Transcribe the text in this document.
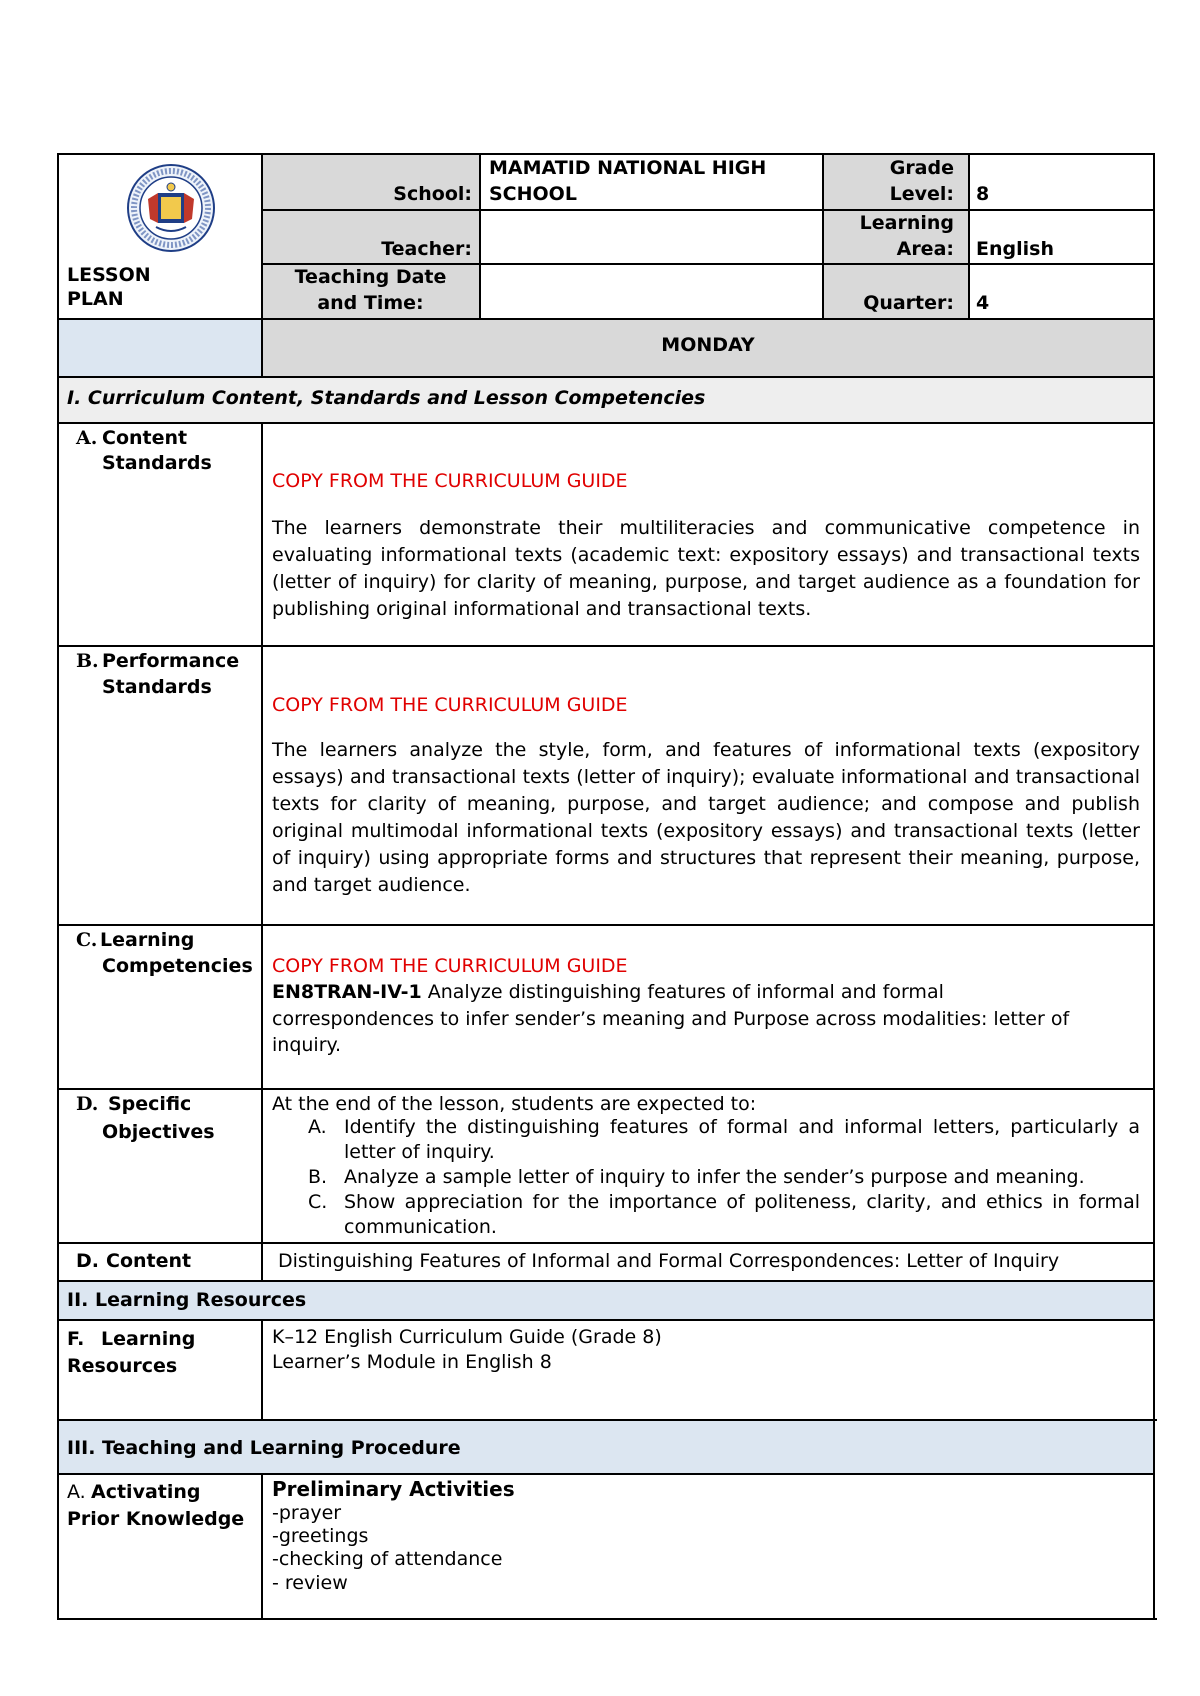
LESSON
PLAN
School:
MAMATID NATIONAL HIGH
SCHOOL
Grade
Level: 8
Teacher:
Learning
Area: English
Teaching Date
and Time:	Quarter: 4
MONDAY
I. Curriculum Content, Standards and Lesson Competencies
A. Content
Standards
COPY FROM THE CURRICULUM GUIDE

The learners demonstrate their multiliteracies and communicative competence in evaluating informational texts (academic text: expository essays) and transactional texts (letter of inquiry) for clarity of meaning, purpose, and target audience as a foundation for publishing original informational and transactional texts.

B. Performance
Standards
COPY FROM THE CURRICULUM GUIDE

The learners analyze the style, form, and features of informational texts (expository essays) and transactional texts (letter of inquiry); evaluate informational and transactional texts for clarity of meaning, purpose, and target audience; and compose and publish original multimodal informational texts (expository essays) and transactional texts (letter of inquiry) using appropriate forms and structures that represent their meaning, purpose, and target audience.

C. Learning
Competencies COPY FROM THE CURRICULUM GUIDE
EN8TRAN-IV-1 Analyze distinguishing features of informal and formal
correspondences to infer sender’s meaning and Purpose across modalities: letter of
inquiry.
D. Specific
Objectives
At the end of the lesson, students are expected to:
A. Identify the distinguishing features of formal and informal letters, particularly a letter of inquiry.
B. Analyze a sample letter of inquiry to infer the sender’s purpose and meaning.
C. Show appreciation for the importance of politeness, clarity, and ethics in formal communication.
D. Content	Distinguishing Features of Informal and Formal Correspondences: Letter of Inquiry
II. Learning Resources
F. Learning
Resources
K–12 English Curriculum Guide (Grade 8)
Learner’s Module in English 8
III. Teaching and Learning Procedure
A. Activating
Prior Knowledge
Preliminary Activities
-prayer
-greetings
-checking of attendance
- review
